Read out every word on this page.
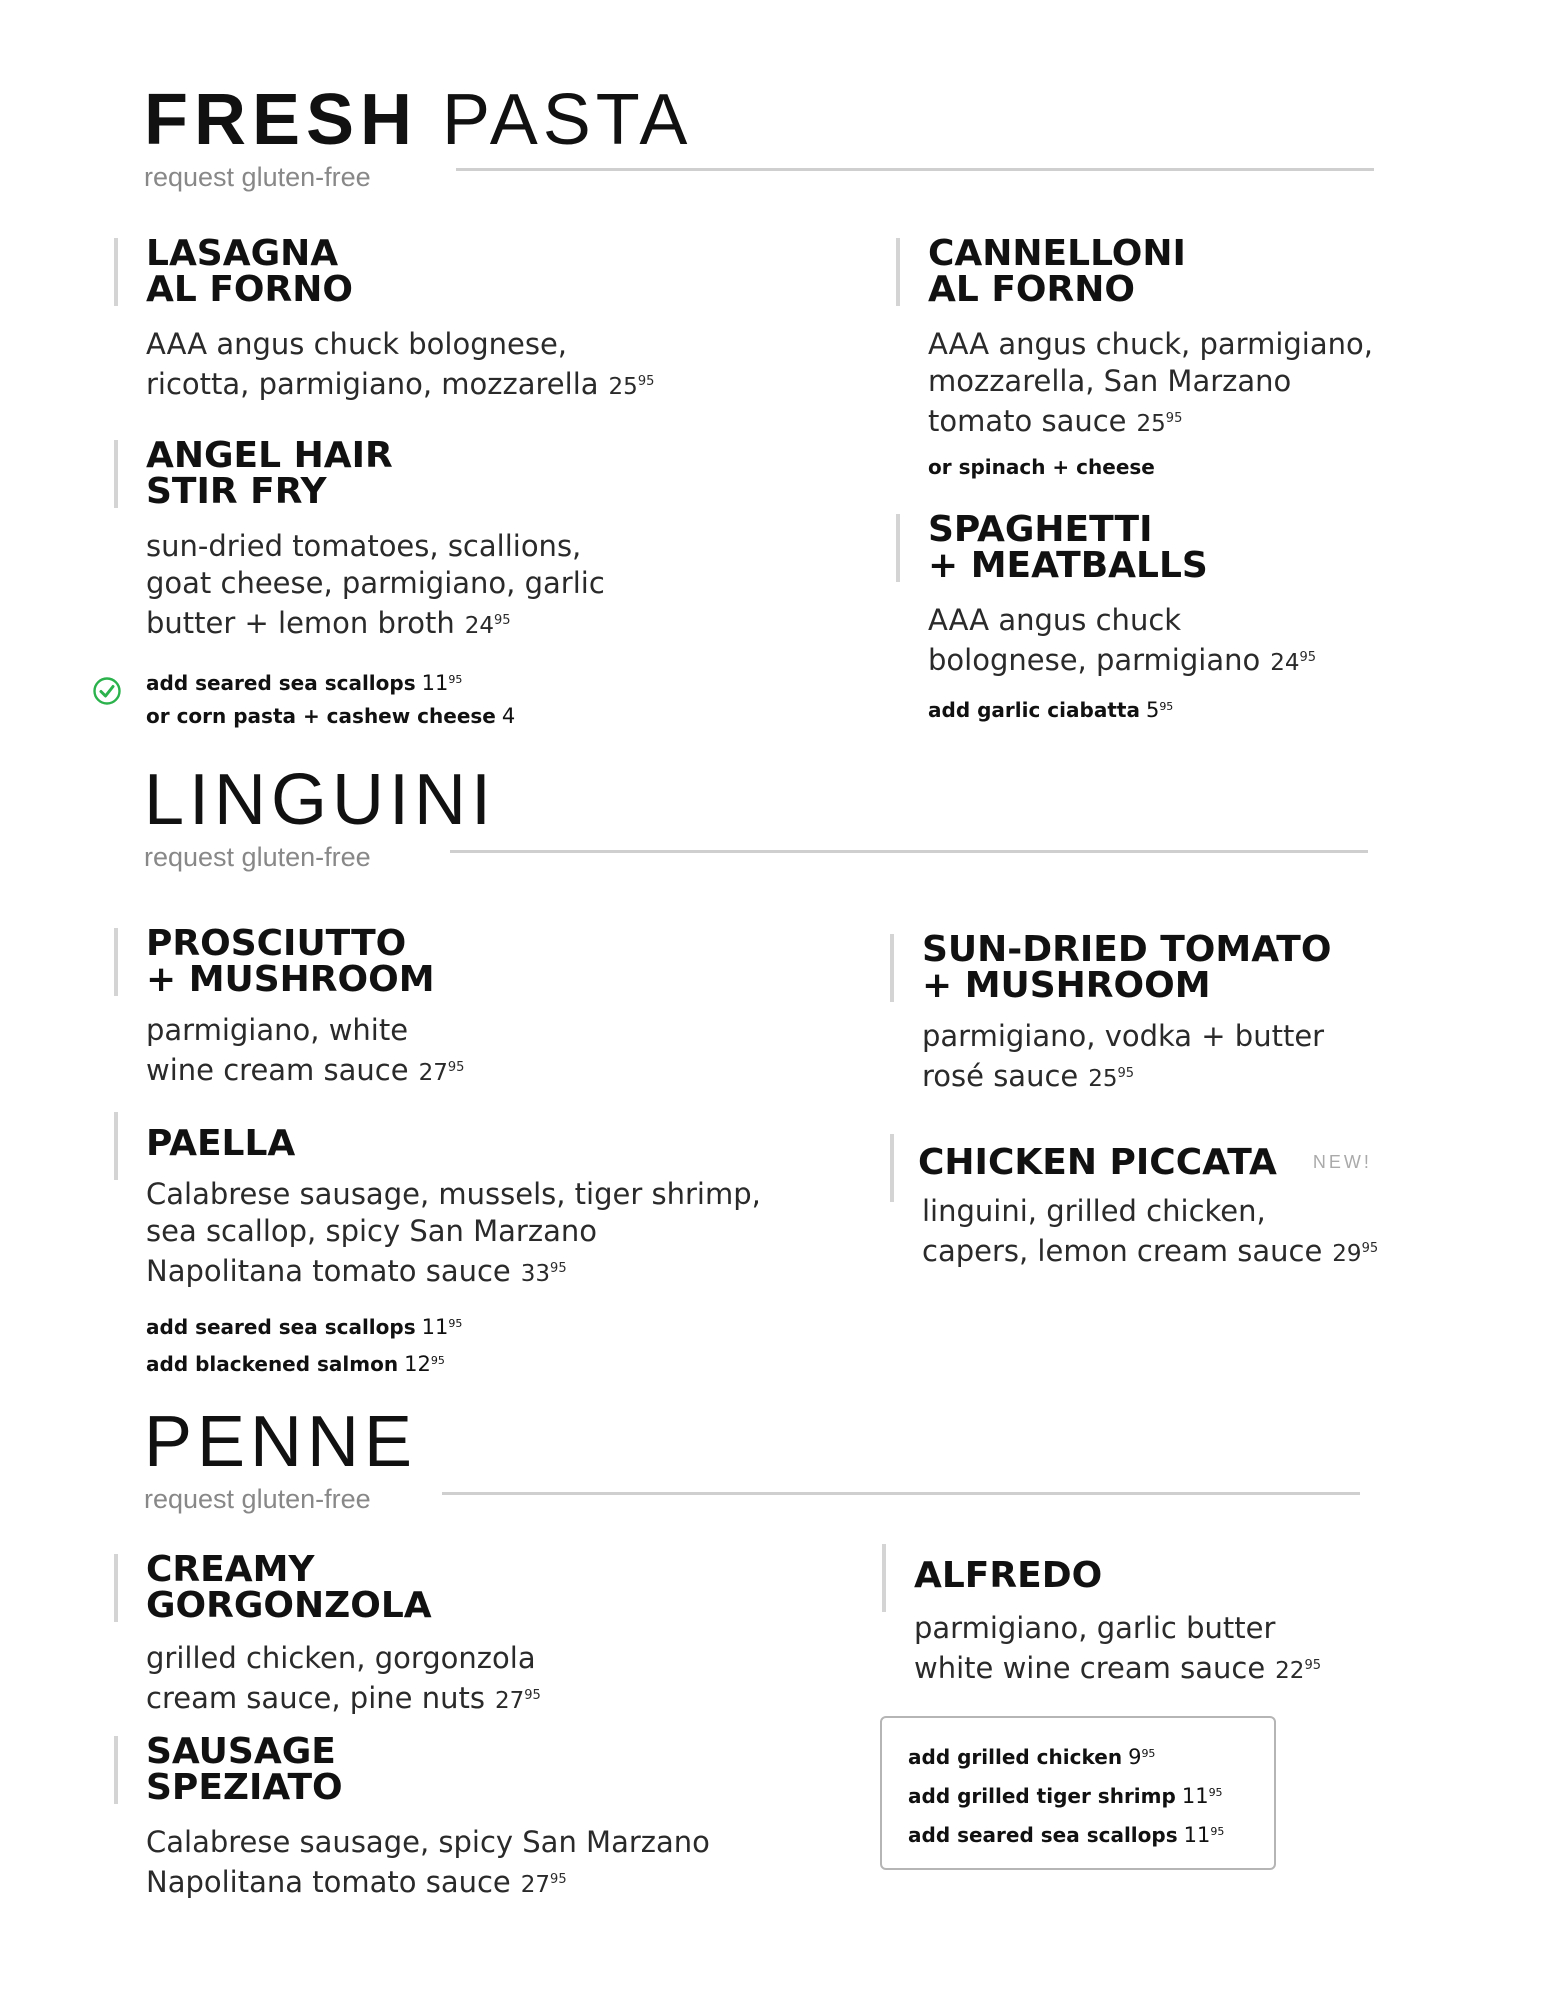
FRESH PASTA
request gluten-free
LASAGNA
AL FORNO
AAA angus chuck bolognese,
ricotta, parmigiano, mozzarella $25^{95}$
ANGEL HAIR
STIR FRY
sun-dried tomatoes, scallions,
goat cheese, parmigiano, garlic
butter + lemon broth $24^{95}$
add seared sea scallops $11^{95}$
or corn pasta + cashew cheese 4
CANNELLONI
AL FORNO
AAA angus chuck, parmigiano,
mozzarella, San Marzano
tomato sauce $25^{95}$
or spinach + cheese
SPAGHETTI
+ MEATBALLS
AAA angus chuck
bolognese, parmigiano $24^{95}$
add garlic ciabatta $5^{95}$
LINGUINI
request gluten-free
PROSCIUTTO
+ MUSHROOM
parmigiano, white
wine cream sauce $27^{95}$
PAELLA
Calabrese sausage, mussels, tiger shrimp,
sea scallop, spicy San Marzano
Napolitana tomato sauce $33^{95}$
add seared sea scallops $11^{95}$
add blackened salmon $12^{95}$
SUN-DRIED TOMATO
+ MUSHROOM
parmigiano, vodka + butter
rosé sauce $25^{95}$
CHICKEN PICCATA NEW!
linguini, grilled chicken,
capers, lemon cream sauce $29^{95}$
PENNE
request gluten-free
CREAMY
GORGONZOLA
grilled chicken, gorgonzola
cream sauce, pine nuts $27^{95}$
SAUSAGE
SPEZIATO
Calabrese sausage, spicy San Marzano
Napolitana tomato sauce $27^{95}$
ALFREDO
parmigiano, garlic butter
white wine cream sauce $22^{95}$
add grilled chicken $9^{95}$
add grilled tiger shrimp $11^{95}$
add seared sea scallops $11^{95}$
